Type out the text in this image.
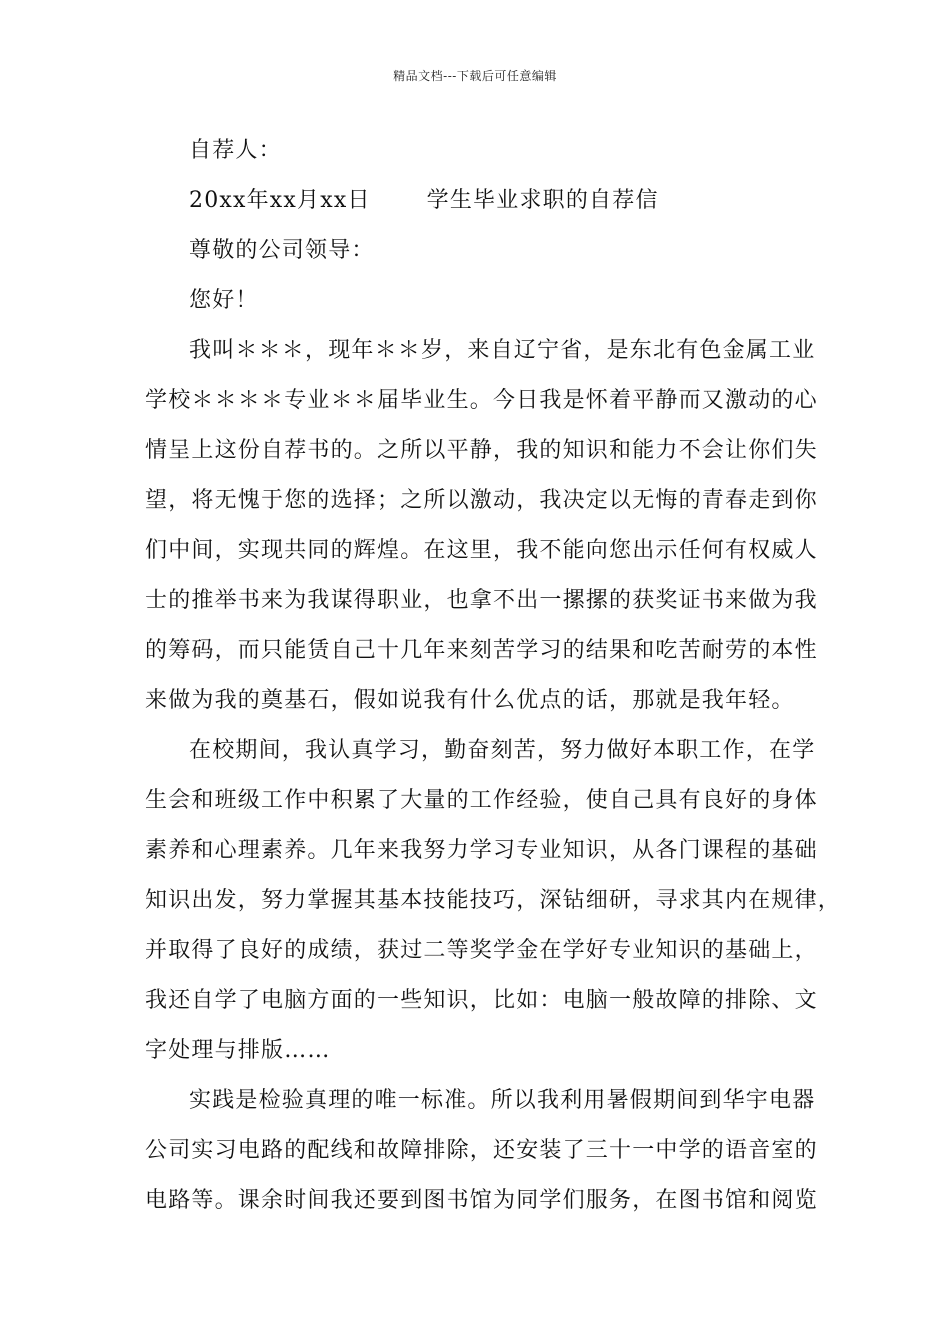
精品文档---下载后可任意编辑
自荐人：
20xx年xx月xx日	学生毕业求职的自荐信
尊敬的公司领导：
您好！
我叫＊＊＊，现年＊＊岁，来自辽宁省，是东北有色金属工业
学校＊＊＊＊专业＊＊届毕业生。今日我是怀着平静而又激动的心
情呈上这份自荐书的。之所以平静，我的知识和能力不会让你们失
望，将无愧于您的选择；之所以激动，我决定以无悔的青春走到你
们中间，实现共同的辉煌。在这里，我不能向您出示任何有权威人
士的推举书来为我谋得职业，也拿不出一摞摞的获奖证书来做为我
的筹码，而只能赁自己十几年来刻苦学习的结果和吃苦耐劳的本性
来做为我的奠基石，假如说我有什么优点的话，那就是我年轻。
在校期间，我认真学习，勤奋刻苦，努力做好本职工作，在学
生会和班级工作中积累了大量的工作经验，使自己具有良好的身体
素养和心理素养。几年来我努力学习专业知识，从各门课程的基础
知识出发，努力掌握其基本技能技巧，深钻细研，寻求其内在规律，
并取得了良好的成绩，获过二等奖学金在学好专业知识的基础上，
我还自学了电脑方面的一些知识，比如：电脑一般故障的排除、文
字处理与排版……
实践是检验真理的唯一标准。所以我利用暑假期间到华宇电器
公司实习电路的配线和故障排除，还安装了三十一中学的语音室的
电路等。课余时间我还要到图书馆为同学们服务，在图书馆和阅览
